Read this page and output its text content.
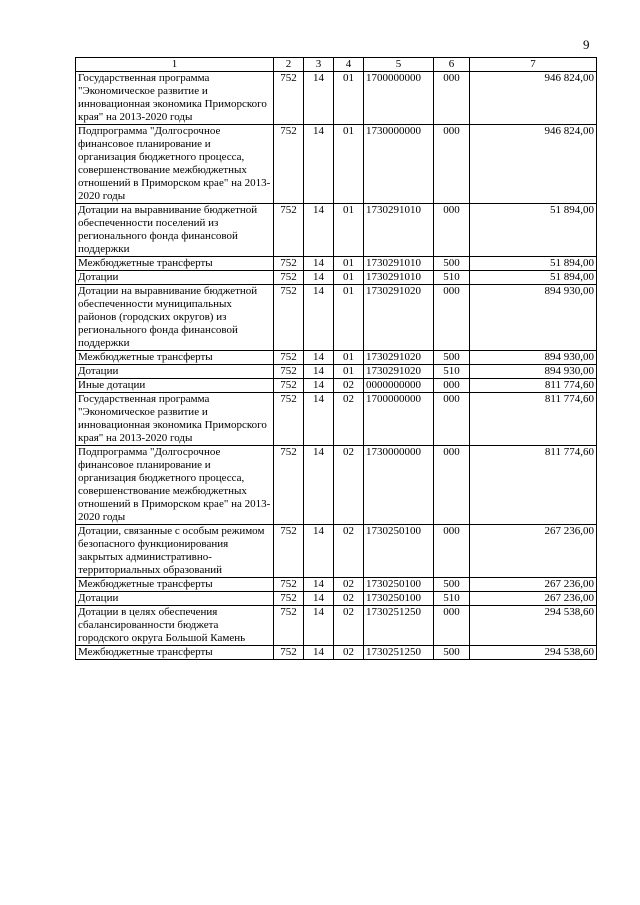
9
1	2	3	4	5	6	7
Государственная программа "Экономическое развитие и инновационная экономика Приморского края" на 2013-2020 годы	752	14	01	1700000000	000	946 824,00
Подпрограмма "Долгосрочное финансовое планирование и организация бюджетного процесса, совершенствование межбюджетных отношений в Приморском крае" на 2013-2020 годы	752	14	01	1730000000	000	946 824,00
Дотации на выравнивание бюджетной обеспеченности поселений из регионального фонда финансовой поддержки	752	14	01	1730291010	000	51 894,00
Межбюджетные трансферты	752	14	01	1730291010	500	51 894,00
Дотации	752	14	01	1730291010	510	51 894,00
Дотации на выравнивание бюджетной обеспеченности муниципальных районов (городских округов) из регионального фонда финансовой поддержки	752	14	01	1730291020	000	894 930,00
Межбюджетные трансферты	752	14	01	1730291020	500	894 930,00
Дотации	752	14	01	1730291020	510	894 930,00
Иные дотации	752	14	02	0000000000	000	811 774,60
Государственная программа "Экономическое развитие и инновационная экономика Приморского края" на 2013-2020 годы	752	14	02	1700000000	000	811 774,60
Подпрограмма "Долгосрочное финансовое планирование и организация бюджетного процесса, совершенствование межбюджетных отношений в Приморском крае" на 2013-2020 годы	752	14	02	1730000000	000	811 774,60
Дотации, связанные с особым режимом безопасного функционирования закрытых административно-территориальных образований	752	14	02	1730250100	000	267 236,00
Межбюджетные трансферты	752	14	02	1730250100	500	267 236,00
Дотации	752	14	02	1730250100	510	267 236,00
Дотации в целях обеспечения сбалансированности бюджета городского округа Большой Камень	752	14	02	1730251250	000	294 538,60
Межбюджетные трансферты	752	14	02	1730251250	500	294 538,60
